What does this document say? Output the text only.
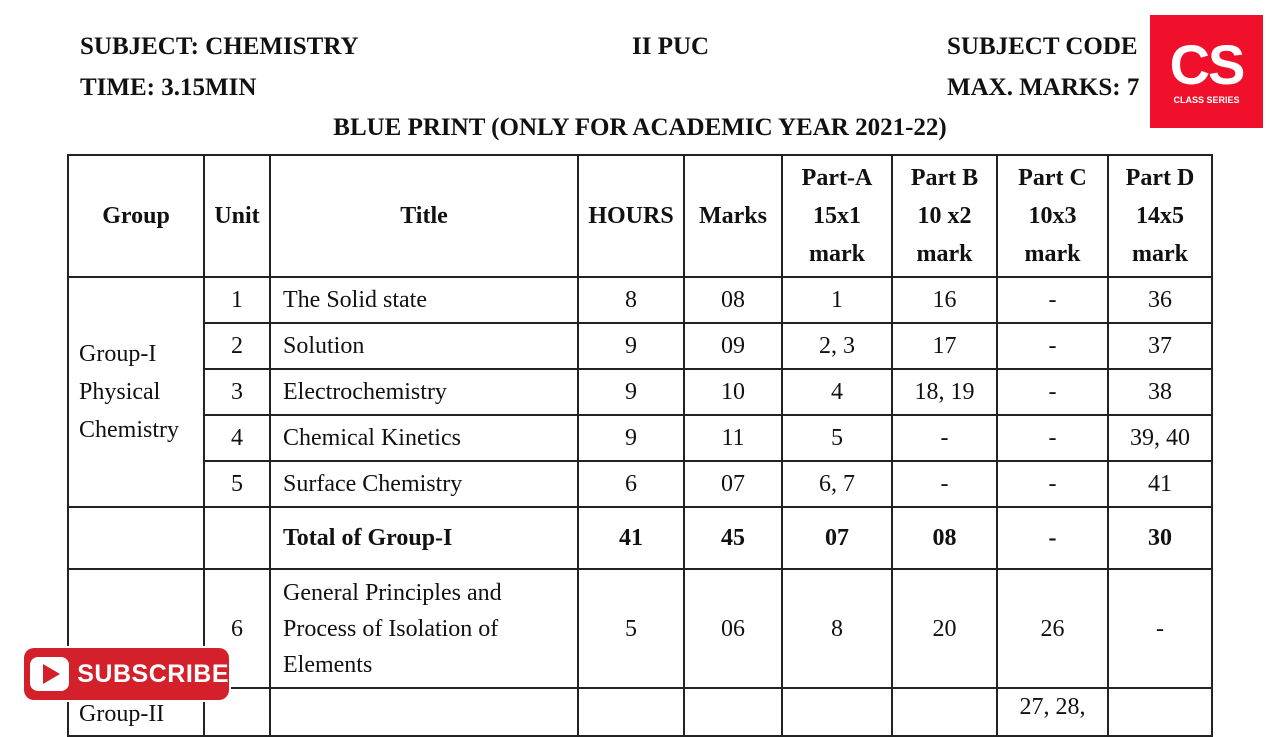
SUBJECT: CHEMISTRY	II PUC	SUBJECT CODE
TIME: 3.15MIN	MAX. MARKS: 7
BLUE PRINT (ONLY FOR ACADEMIC YEAR 2021-22)
Group	Unit	Title	HOURS	Marks	Part-A
15x1
mark	Part B
10 x2
mark	Part C
10x3
mark	Part D
14x5
mark
Group-I
Physical
Chemistry	1	The Solid state	8	08	1	16	-	36
	2	Solution	9	09	2, 3	17	-	37
	3	Electrochemistry	9	10	4	18, 19	-	38
	4	Chemical Kinetics	9	11	5	-	-	39, 40
	5	Surface Chemistry	6	07	6, 7	-	-	41
		Total of Group-I	41	45	07	08	-	30
	6	General Principles and
Process of Isolation of
Elements	5	06	8	20	26	-
Group-II							27, 28,	
CS
CLASS SERIES
SUBSCRIBE
